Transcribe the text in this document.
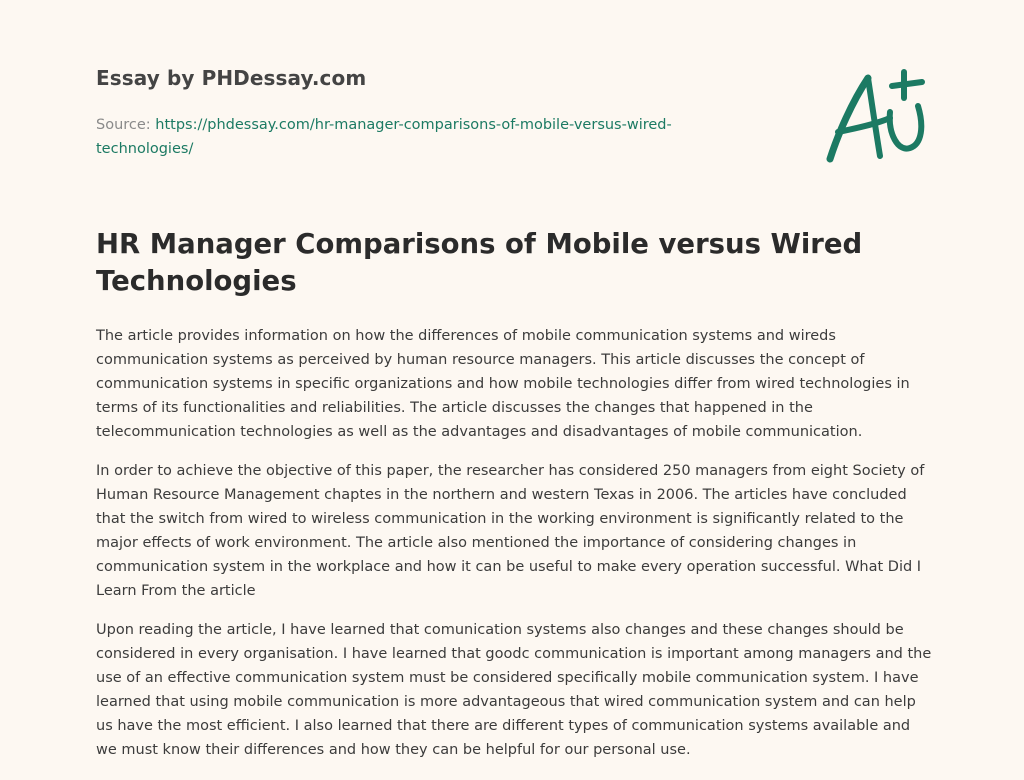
Essay by PHDessay.com
Source: https://phdessay.com/hr-manager-comparisons-of-mobile-versus-wired-technologies/
HR Manager Comparisons of Mobile versus Wired Technologies

The article provides information on how the differences of mobile communication systems and wireds communication systems as perceived by human resource managers. This article discusses the concept of communication systems in specific organizations and how mobile technologies differ from wired technologies in terms of its functionalities and reliabilities. The article discusses the changes that happened in the telecommunication technologies as well as the advantages and disadvantages of mobile communication.

In order to achieve the objective of this paper, the researcher has considered 250 managers from eight Society of Human Resource Management chaptes in the northern and western Texas in 2006. The articles have concluded that the switch from wired to wireless communication in the working environment is significantly related to the major effects of work environment. The article also mentioned the importance of considering changes in communication system in the workplace and how it can be useful to make every operation successful. What Did I Learn From the article

Upon reading the article, I have learned that comunication systems also changes and these changes should be considered in every organisation. I have learned that goodc communication is important among managers and the use of an effective communication system must be considered specifically mobile communication system. I have learned that using mobile communication is more advantageous that wired communication system and can help us have the most efficient. I also learned that there are different types of communication systems available and we must know their differences and how they can be helpful for our personal use.
